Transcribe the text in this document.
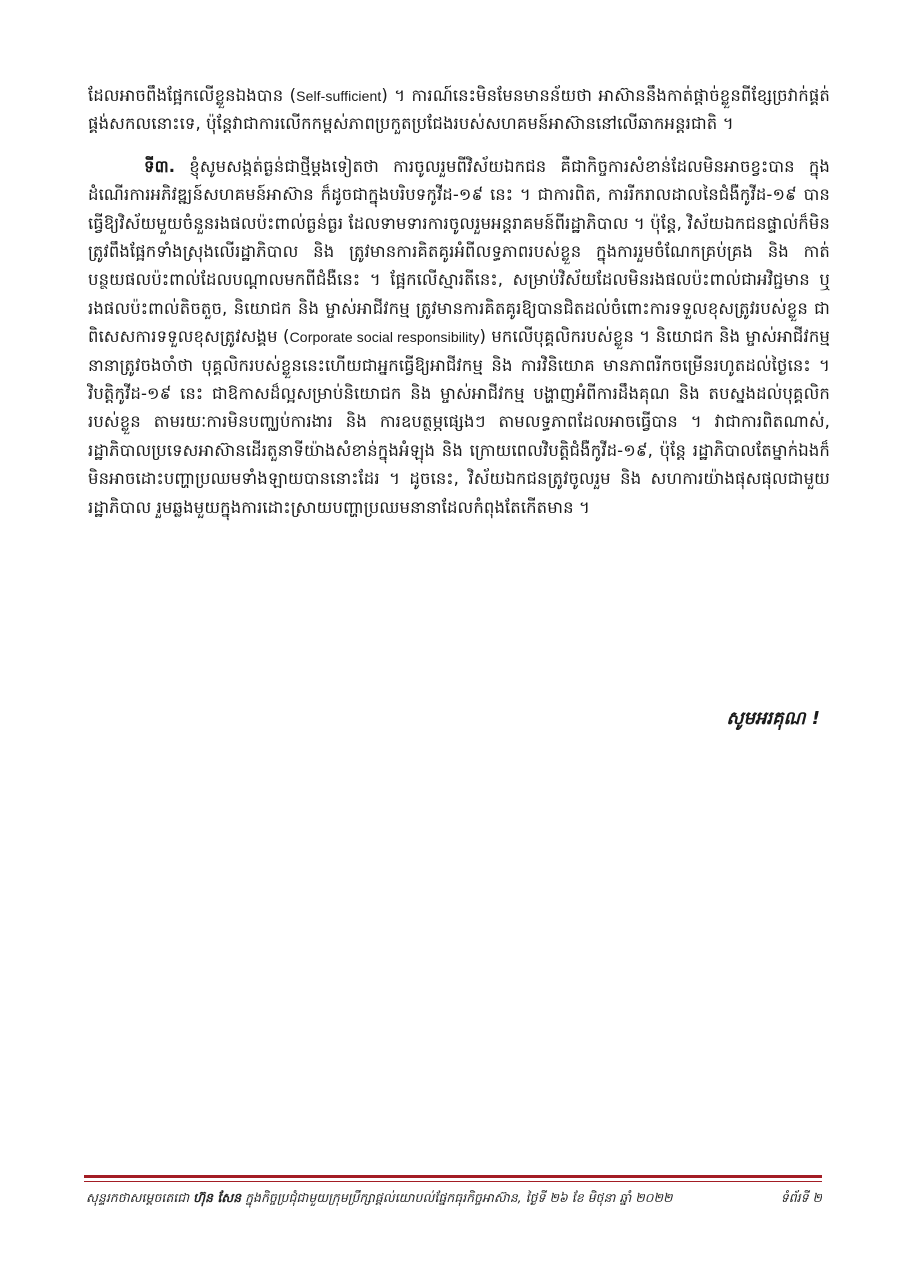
ដែលអាចពឹងផ្អែកលើខ្លួនឯងបាន (Self-sufficient) ។ ការណ៍នេះមិនមែនមានន័យថា អាស៊ាននឹងកាត់ផ្ដាច់ខ្លួនពីខ្សែច្រវាក់ផ្គត់ផ្គង់សកលនោះទេ, ប៉ុន្តែវាជាការលើកកម្ពស់ភាពប្រកួតប្រជែងរបស់សហគមន៍អាស៊ាននៅលើឆាកអន្តរជាតិ ។

ទី៣. ខ្ញុំសូមសង្កត់ធ្ងន់ជាថ្មីម្ដងទៀតថា ការចូលរួមពីវិស័យឯកជន គឺជាកិច្ចការសំខាន់ដែលមិនអាចខ្វះបាន ក្នុងដំណើរការអភិវឌ្ឍន៍សហគមន៍អាស៊ាន ក៏ដូចជាក្នុងបរិបទកូវីដ-១៩ នេះ ។ ជាការពិត, ការរីករាលដាលនៃជំងឺកូវីដ-១៩ បានធ្វើឱ្យវិស័យមួយចំនួនរងផលប៉ះពាល់ធ្ងន់ធ្ងរ ដែលទាមទារការចូលរួមអន្តរាគមន៍ពីរដ្ឋាភិបាល ។ ប៉ុន្តែ, វិស័យឯកជនផ្ទាល់ក៏មិនត្រូវពឹងផ្អែកទាំងស្រុងលើរដ្ឋាភិបាល និង ត្រូវមានការគិតគូរអំពីលទ្ធភាពរបស់ខ្លួន ក្នុងការរួមចំណែកគ្រប់គ្រង និង កាត់បន្ថយផលប៉ះពាល់ដែលបណ្ដាលមកពីជំងឺនេះ ។ ផ្អែកលើស្មារតីនេះ, សម្រាប់វិស័យដែលមិនរងផលប៉ះពាល់ជាអវិជ្ជមាន ឬ រងផលប៉ះពាល់តិចតួច, និយោជក និង ម្ចាស់អាជីវកម្ម ត្រូវមានការគិតគូរឱ្យបានជិតដល់ចំពោះការទទួលខុសត្រូវរបស់ខ្លួន ជាពិសេសការទទួលខុសត្រូវសង្គម (Corporate social responsibility) មកលើបុគ្គលិករបស់ខ្លួន ។ និយោជក និង ម្ចាស់អាជីវកម្មនានាត្រូវចងចាំថា បុគ្គលិករបស់ខ្លួននេះហើយជាអ្នកធ្វើឱ្យអាជីវកម្ម និង ការវិនិយោគ មានភាពរីកចម្រើនរហូតដល់ថ្ងៃនេះ ។ វិបត្តិកូវីដ-១៩ នេះ ជាឱកាសដ៏ល្អសម្រាប់និយោជក និង ម្ចាស់អាជីវកម្ម បង្ហាញអំពីការដឹងគុណ និង តបស្នងដល់បុគ្គលិករបស់ខ្លួន តាមរយៈការមិនបញ្ឈប់ការងារ និង ការឧបត្ថម្ភផ្សេងៗ តាមលទ្ធភាពដែលអាចធ្វើបាន ។ វាជាការពិតណាស់, រដ្ឋាភិបាលប្រទេសអាស៊ានដើរតួនាទីយ៉ាងសំខាន់ក្នុងអំឡុង និង ក្រោយពេលវិបត្តិជំងឺកូវីដ-១៩, ប៉ុន្តែ រដ្ឋាភិបាលតែម្នាក់ឯងក៏មិនអាចដោះបញ្ហាប្រឈមទាំងឡាយបាននោះដែរ ។ ដូចនេះ, វិស័យឯកជនត្រូវចូលរួម និង សហការយ៉ាងផុសផុលជាមួយរដ្ឋាភិបាល រួមឆ្លងមួយក្នុងការដោះស្រាយបញ្ហាប្រឈមនានាដែលកំពុងតែកើតមាន ។

សូមអរគុណ !
សុន្ទរកថាសម្ដេចតេជោ ហ៊ុន សែន ក្នុងកិច្ចប្រជុំជាមួយក្រុមប្រឹក្សាផ្ដល់យោបល់ផ្នែកធុរកិច្ចអាស៊ាន, ថ្ងៃទី ២៦ ខែ មិថុនា ឆ្នាំ ២០២២	ទំព័រទី ២
